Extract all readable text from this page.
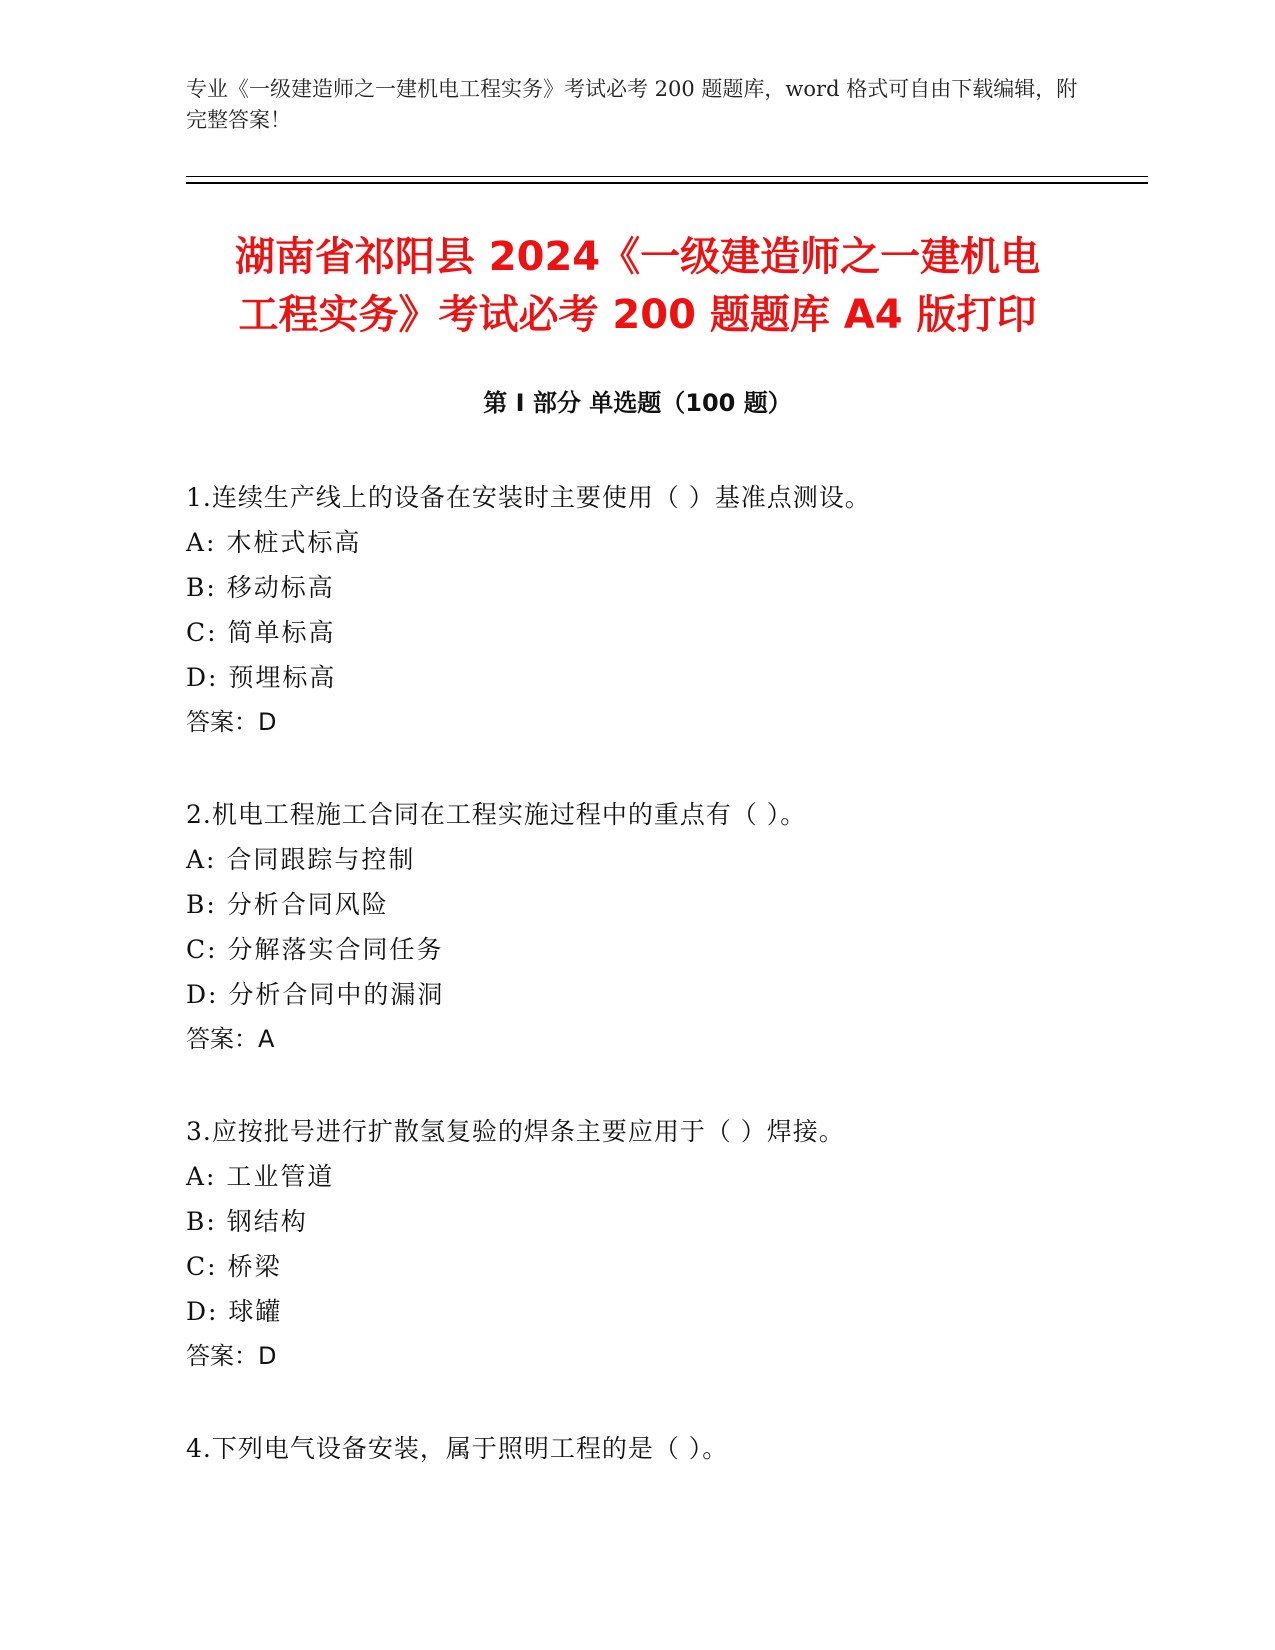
专业《一级建造师之一建机电工程实务》考试必考 200 题题库，word 格式可自由下载编辑，附完整答案！

湖南省祁阳县 2024《一级建造师之一建机电
工程实务》考试必考 200 题题库 A4 版打印
第 I 部分 单选题（100 题）
1.连续生产线上的设备在安装时主要使用（ ）基准点测设。
A: 木桩式标高
B: 移动标高
C: 简单标高
D: 预埋标高
答案：D
2.机电工程施工合同在工程实施过程中的重点有（ ）。
A: 合同跟踪与控制
B: 分析合同风险
C: 分解落实合同任务
D: 分析合同中的漏洞
答案：A
3.应按批号进行扩散氢复验的焊条主要应用于（ ）焊接。
A: 工业管道
B: 钢结构
C: 桥梁
D: 球罐
答案：D
4.下列电气设备安装，属于照明工程的是（ ）。
